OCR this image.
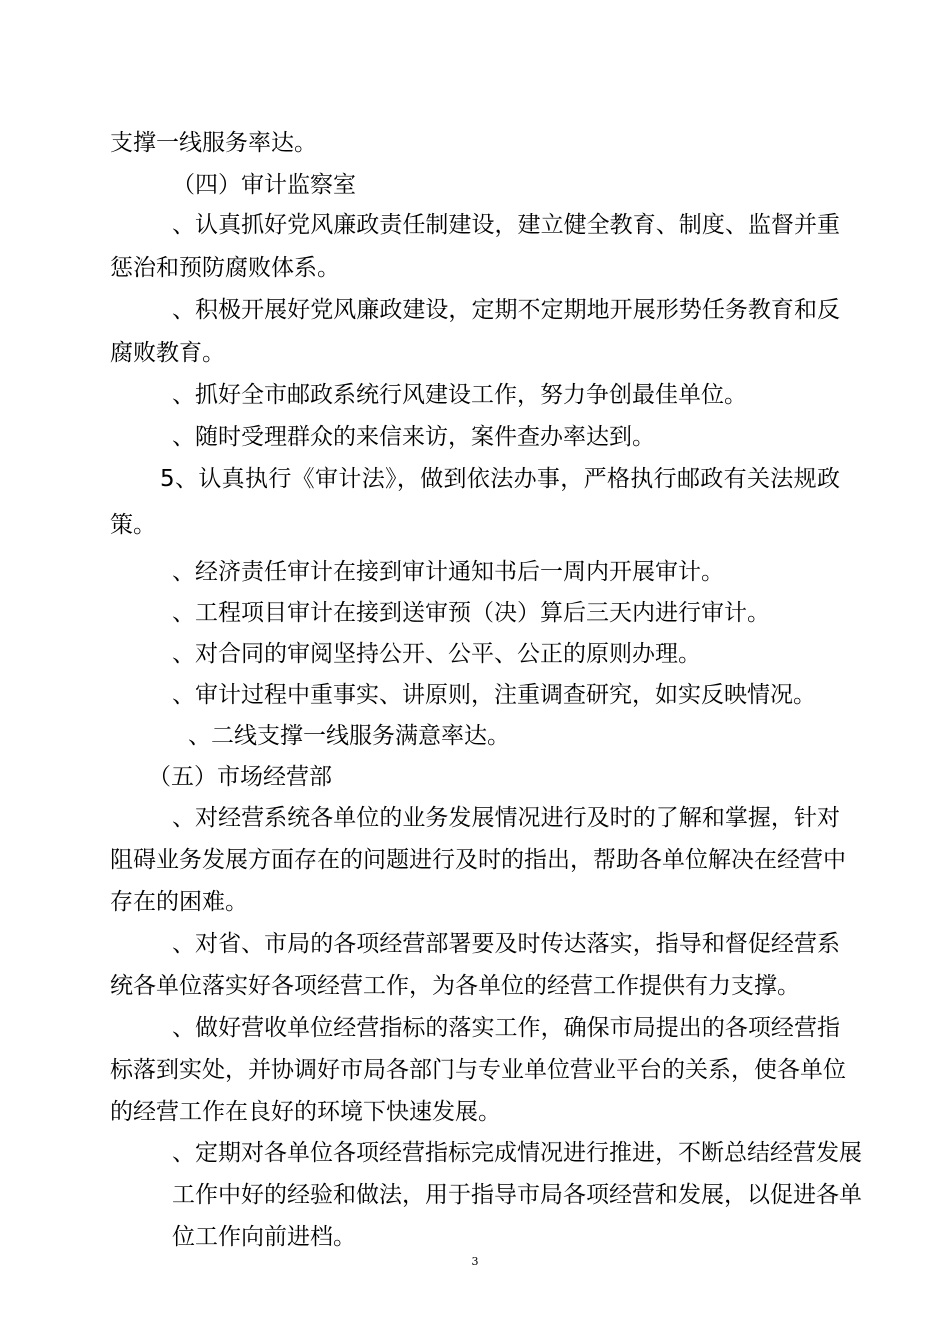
支撑一线服务率达。

（四）审计监察室

、认真抓好党风廉政责任制建设，建立健全教育、制度、监督并重

惩治和预防腐败体系。

、积极开展好党风廉政建设，定期不定期地开展形势任务教育和反

腐败教育。

、抓好全市邮政系统行风建设工作，努力争创最佳单位。

、随时受理群众的来信来访，案件查办率达到。

5、认真执行《审计法》，做到依法办事，严格执行邮政有关法规政

策。

、经济责任审计在接到审计通知书后一周内开展审计。

、工程项目审计在接到送审预（决）算后三天内进行审计。

、对合同的审阅坚持公开、公平、公正的原则办理。

、审计过程中重事实、讲原则，注重调查研究，如实反映情况。

、二线支撑一线服务满意率达。

（五）市场经营部

、对经营系统各单位的业务发展情况进行及时的了解和掌握，针对

阻碍业务发展方面存在的问题进行及时的指出，帮助各单位解决在经营中

存在的困难。

、对省、市局的各项经营部署要及时传达落实，指导和督促经营系

统各单位落实好各项经营工作，为各单位的经营工作提供有力支撑。

、做好营收单位经营指标的落实工作，确保市局提出的各项经营指

标落到实处，并协调好市局各部门与专业单位营业平台的关系，使各单位

的经营工作在良好的环境下快速发展。

、定期对各单位各项经营指标完成情况进行推进，不断总结经营发展

工作中好的经验和做法，用于指导市局各项经营和发展，以促进各单

位工作向前进档。

3
